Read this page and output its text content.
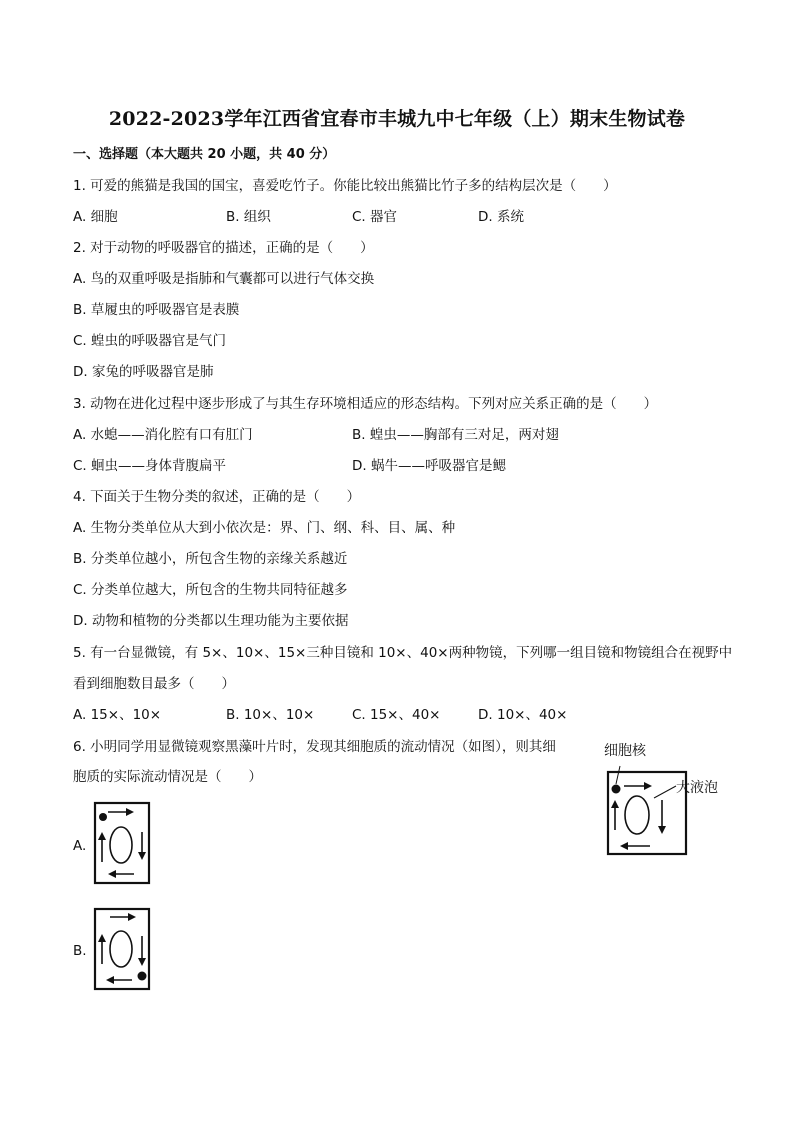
2022-2023学年江西省宜春市丰城九中七年级（上）期末生物试卷
一、选择题（本大题共 20 小题，共 40 分）
1. 可爱的熊猫是我国的国宝，喜爱吃竹子。你能比较出熊猫比竹子多的结构层次是（　　）
A. 细胞	B. 组织	C. 器官	D. 系统
2. 对于动物的呼吸器官的描述，正确的是（　　）
A. 鸟的双重呼吸是指肺和气囊都可以进行气体交换
B. 草履虫的呼吸器官是表膜
C. 蝗虫的呼吸器官是气门
D. 家兔的呼吸器官是肺
3. 动物在进化过程中逐步形成了与其生存环境相适应的形态结构。下列对应关系正确的是（　　）
A. 水螅——消化腔有口有肛门	B. 蝗虫——胸部有三对足，两对翅
C. 蛔虫——身体背腹扁平	D. 蜗牛——呼吸器官是鳃
4. 下面关于生物分类的叙述，正确的是（　　）
A. 生物分类单位从大到小依次是：界、门、纲、科、目、属、种
B. 分类单位越小，所包含生物的亲缘关系越近
C. 分类单位越大，所包含的生物共同特征越多
D. 动物和植物的分类都以生理功能为主要依据
5. 有一台显微镜，有 5×、10×、15×三种目镜和 10×、40×两种物镜，下列哪一组目镜和物镜组合在视野中
看到细胞数目最多（　　）
A. 15×、10×	B. 10×、10×	C. 15×、40×	D. 10×、40×
6. 小明同学用显微镜观察黑藻叶片时，发现其细胞质的流动情况（如图），则其细
胞质的实际流动情况是（　　）
细胞核
大液泡
A.
B.
